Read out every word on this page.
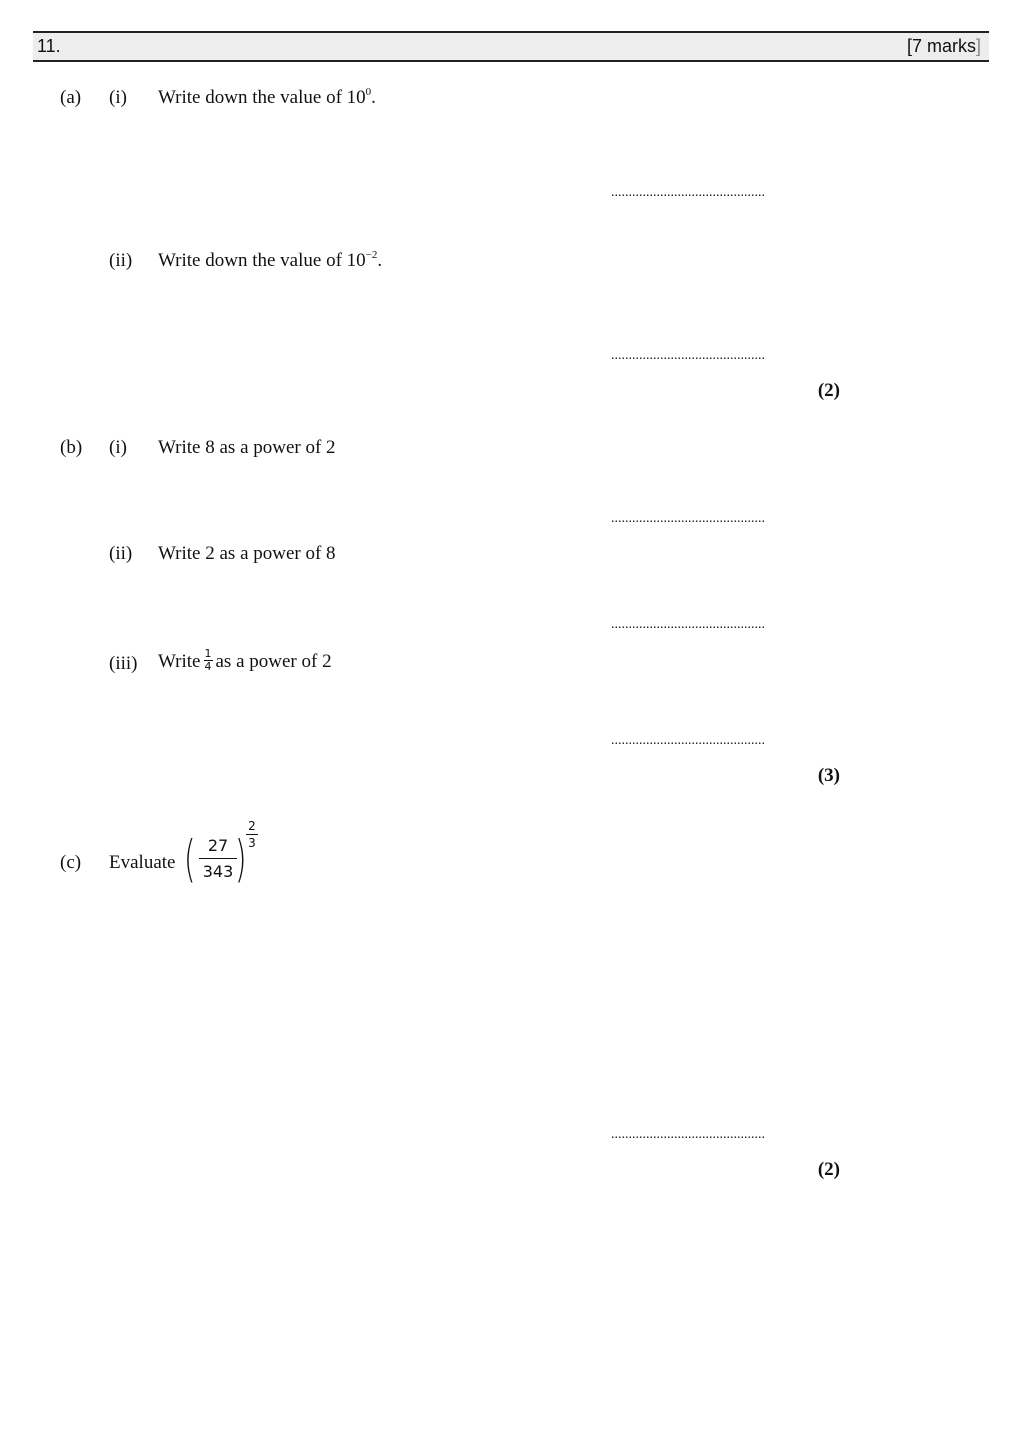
11.	[7 marks]
(a) (i) Write down the value of $10^0$.
............................................
(ii) Write down the value of $10^{-2}$.
............................................
(2)
(b) (i) Write 8 as a power of 2
............................................
(ii) Write 2 as a power of 8
............................................
(iii) Write $\frac{1}{4}$ as a power of 2
............................................
(3)
(c) Evaluate ( $\frac{27}{343}$
) $\frac{2}{3}$
............................................
(2)
